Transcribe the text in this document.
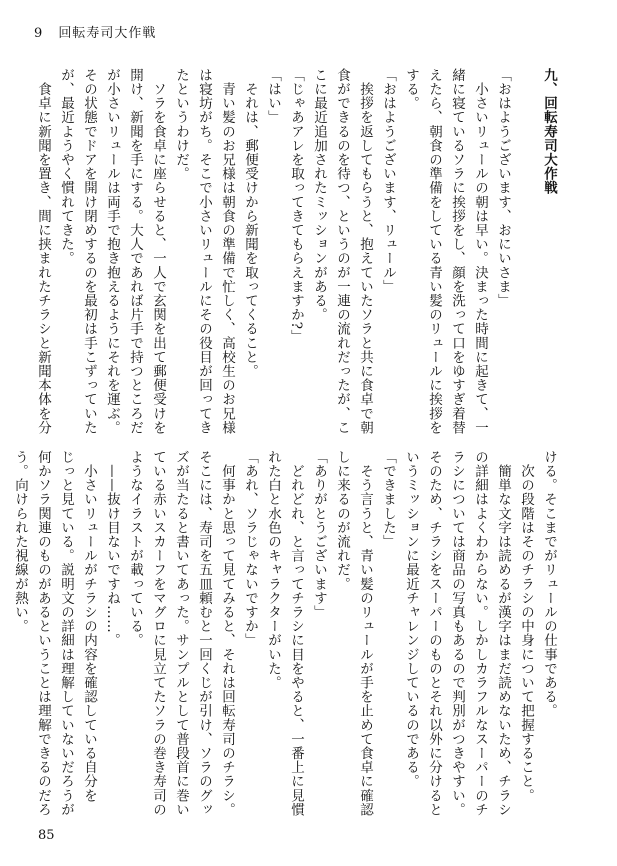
9 回転寿司大作戦
九、回転寿司大作戦

「おはようございます、おにいさま」
　小さいリュールの朝は早い。決まった時間に起きて、一
緒に寝ているソラに挨拶をし、顔を洗って口をゆすぎ着替
えたら、朝食の準備をしている青い髪のリュールに挨拶を
する。
「おはようございます、リュール」
　挨拶を返してもらうと、抱えていたソラと共に食卓で朝
食ができるのを待つ、というのが一連の流れだったが、こ
こに最近追加されたミッションがある。
「じゃあアレを取ってきてもらえますか?」
「はい」
　それは、郵便受けから新聞を取ってくること。
　青い髪のお兄様は朝食の準備で忙しく、高校生のお兄様
は寝坊がち。そこで小さいリュールにその役目が回ってき
たというわけだ。
　ソラを食卓に座らせると、一人で玄関を出て郵便受けを
開け、新聞を手にする。大人であれば片手で持つところだ
が小さいリュールは両手で抱き抱えるようにそれを運ぶ。
その状態でドアを開け閉めするのを最初は手こずっていた
が、最近ようやく慣れてきた。
　食卓に新聞を置き、間に挟まれたチラシと新聞本体を分
ける。そこまでがリュールの仕事である。
　次の段階はそのチラシの中身について把握すること。
　簡単な文字は読めるが漢字はまだ読めないため、チラシ
の詳細はよくわからない。しかしカラフルなスーパーのチ
ラシについては商品の写真もあるので判別がつきやすい。
そのため、チラシをスーパーのものとそれ以外に分けると
いうミッションに最近チャレンジしているのである。
「できました」
　そう言うと、青い髪のリュールが手を止めて食卓に確認
しに来るのが流れだ。
「ありがとうございます」
　どれどれ、と言ってチラシに目をやると、一番上に見慣
れた白と水色のキャラクターがいた。
「あれ、ソラじゃないですか」
　何事かと思って見てみると、それは回転寿司のチラシ。
そこには、寿司を五皿頼むと一回くじが引け、ソラのグッ
ズが当たると書いてあった。サンプルとして普段首に巻い
ている赤いスカーフをマグロに見立てたソラの巻き寿司の
ようなイラストが載っている。
　——抜け目ないですね……。
　小さいリュールがチラシの内容を確認している自分を
じっと見ている。説明文の詳細は理解していないだろうが
何かソラ関連のものがあるということは理解できるのだろ
う。向けられた視線が熱い。
85
